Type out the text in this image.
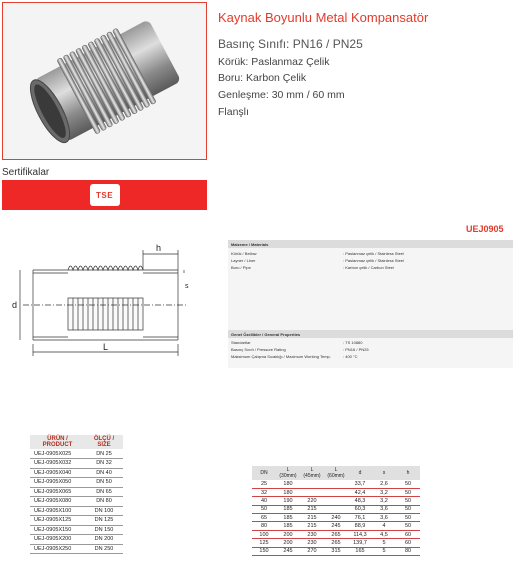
Kaynak Boyunlu Metal Kompansatör
Basınç Sınıfı: PN16 / PN25
Körük: Paslanmaz Çelik
Boru: Karbon Çelik
Genleşme: 30 mm / 60 mm
Flanşlı
Sertifikalar
TSE
UEJ0905
h
d
s
L
Malzeme / Materials
Körük / Bellow	: Paslanmaz çelik / Stainless Steel
Layner / Liner	: Paslanmaz çelik / Stainless Steel
Boru / Pipe	: Karbon çelik / Carbon Steel
Genel Özellikler / General Properties
Standartlar	: TS 10880
Basınç Sınıfı / Pressure Rating	: PN16 / PN25
Maksimum Çalışma Sıcaklığı / Maximum Working Temp.	: 400 °C
ÜRÜN / PRODUCT	ÖLÇÜ / SIZE
UEJ-0905X025	DN 25
UEJ-0905X032	DN 32
UEJ-0905X040	DN 40
UEJ-0905X050	DN 50
UEJ-0905X065	DN 65
UEJ-0905X080	DN 80
UEJ-0905X100	DN 100
UEJ-0905X125	DN 125
UEJ-0905X150	DN 150
UEJ-0905X200	DN 200
UEJ-0905X250	DN 250
DN	L (30mm)	L (45mm)	L (60mm)	d	s	h
25	180			33,7	2,6	50
32	180			42,4	3,2	50
40	190	220		48,3	3,2	50
50	185	215		60,3	3,6	50
65	185	215	240	76,1	3,6	50
80	185	215	245	88,9	4	50
100	200	230	265	114,3	4,5	60
125	200	230	265	139,7	5	60
150	245	270	315	165	5	80
